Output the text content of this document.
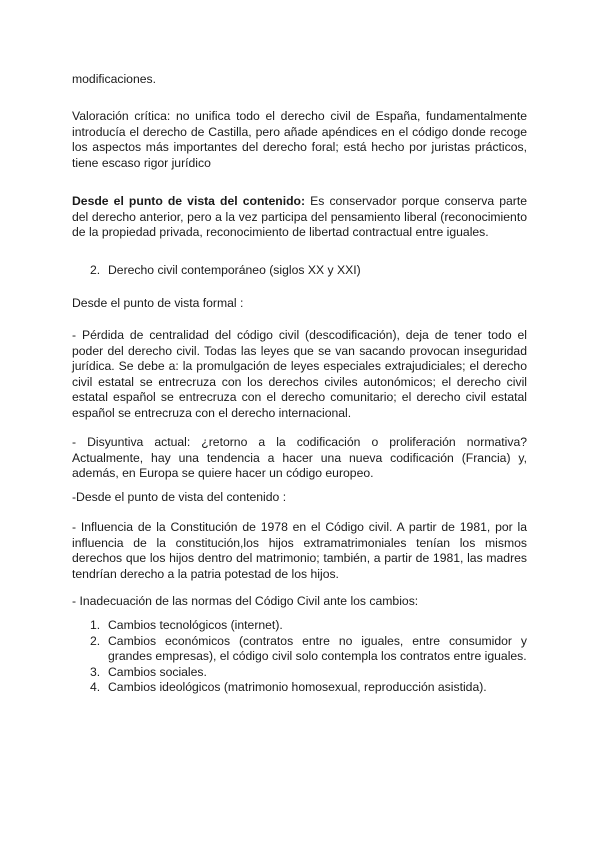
modificaciones.

Valoración crítica: no unifica todo el derecho civil de España, fundamentalmente introducía el derecho de Castilla, pero añade apéndices en el código donde recoge los aspectos más importantes del derecho foral; está hecho por juristas prácticos, tiene escaso rigor jurídico

Desde el punto de vista del contenido: Es conservador porque conserva parte del derecho anterior, pero a la vez participa del pensamiento liberal (reconocimiento de la propiedad privada, reconocimiento de libertad contractual entre iguales.

2. Derecho civil contemporáneo (siglos XX y XXI)

Desde el punto de vista formal :

- Pérdida de centralidad del código civil (descodificación), deja de tener todo el poder del derecho civil. Todas las leyes que se van sacando provocan inseguridad jurídica. Se debe a: la promulgación de leyes especiales extrajudiciales; el derecho civil estatal se entrecruza con los derechos civiles autonómicos; el derecho civil estatal español se entrecruza con el derecho comunitario; el derecho civil estatal español se entrecruza con el derecho internacional.

- Disyuntiva actual: ¿retorno a la codificación o proliferación normativa? Actualmente, hay una tendencia a hacer una nueva codificación (Francia) y, además, en Europa se quiere hacer un código europeo.

-Desde el punto de vista del contenido :

- Influencia de la Constitución de 1978 en el Código civil. A partir de 1981, por la influencia de la constitución,los hijos extramatrimoniales tenían los mismos derechos que los hijos dentro del matrimonio; también, a partir de 1981, las madres tendrían derecho a la patria potestad de los hijos.

- Inadecuación de las normas del Código Civil ante los cambios:

1. Cambios tecnológicos (internet).
2. Cambios económicos (contratos entre no iguales, entre consumidor y grandes empresas), el código civil solo contempla los contratos entre iguales.
3. Cambios sociales.
4. Cambios ideológicos (matrimonio homosexual, reproducción asistida).
